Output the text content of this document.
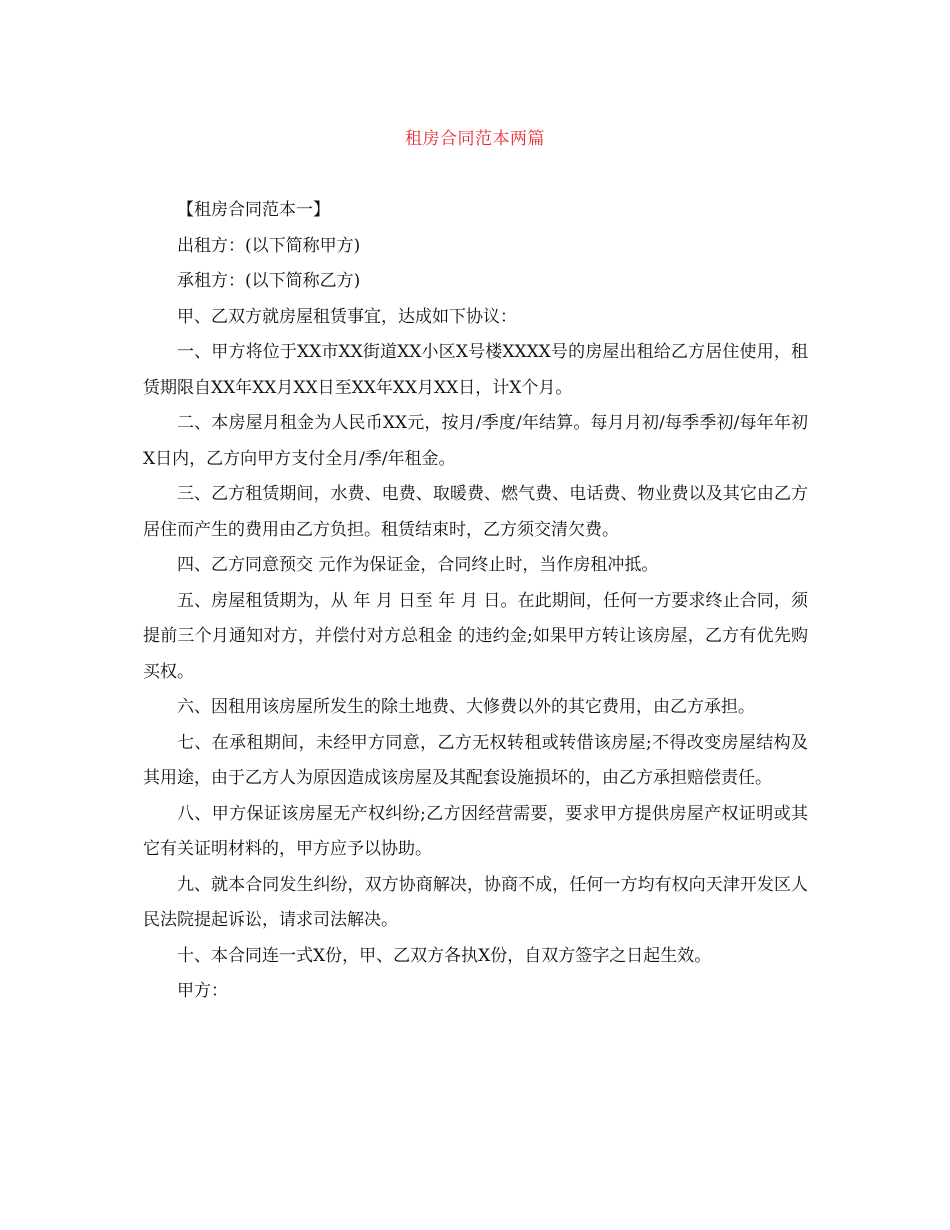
租房合同范本两篇

【租房合同范本一】

出租方：(以下简称甲方)

承租方：(以下简称乙方)

甲、乙双方就房屋租赁事宜，达成如下协议：

一、甲方将位于XX市XX街道XX小区X号楼XXXX号的房屋出租给乙方居住使用，租赁期限自XX年XX月XX日至XX年XX月XX日，计X个月。

二、本房屋月租金为人民币XX元，按月/季度/年结算。每月月初/每季季初/每年年初X日内，乙方向甲方支付全月/季/年租金。

三、乙方租赁期间，水费、电费、取暖费、燃气费、电话费、物业费以及其它由乙方居住而产生的费用由乙方负担。租赁结束时，乙方须交清欠费。

四、乙方同意预交 元作为保证金，合同终止时，当作房租冲抵。

五、房屋租赁期为，从 年 月 日至 年 月 日。在此期间，任何一方要求终止合同，须提前三个月通知对方，并偿付对方总租金 的违约金;如果甲方转让该房屋，乙方有优先购买权。

六、因租用该房屋所发生的除土地费、大修费以外的其它费用，由乙方承担。

七、在承租期间，未经甲方同意，乙方无权转租或转借该房屋;不得改变房屋结构及其用途，由于乙方人为原因造成该房屋及其配套设施损坏的，由乙方承担赔偿责任。

八、甲方保证该房屋无产权纠纷;乙方因经营需要，要求甲方提供房屋产权证明或其它有关证明材料的，甲方应予以协助。

九、就本合同发生纠纷，双方协商解决，协商不成，任何一方均有权向天津开发区人民法院提起诉讼，请求司法解决。

十、本合同连一式X份，甲、乙双方各执X份，自双方签字之日起生效。

甲方：
